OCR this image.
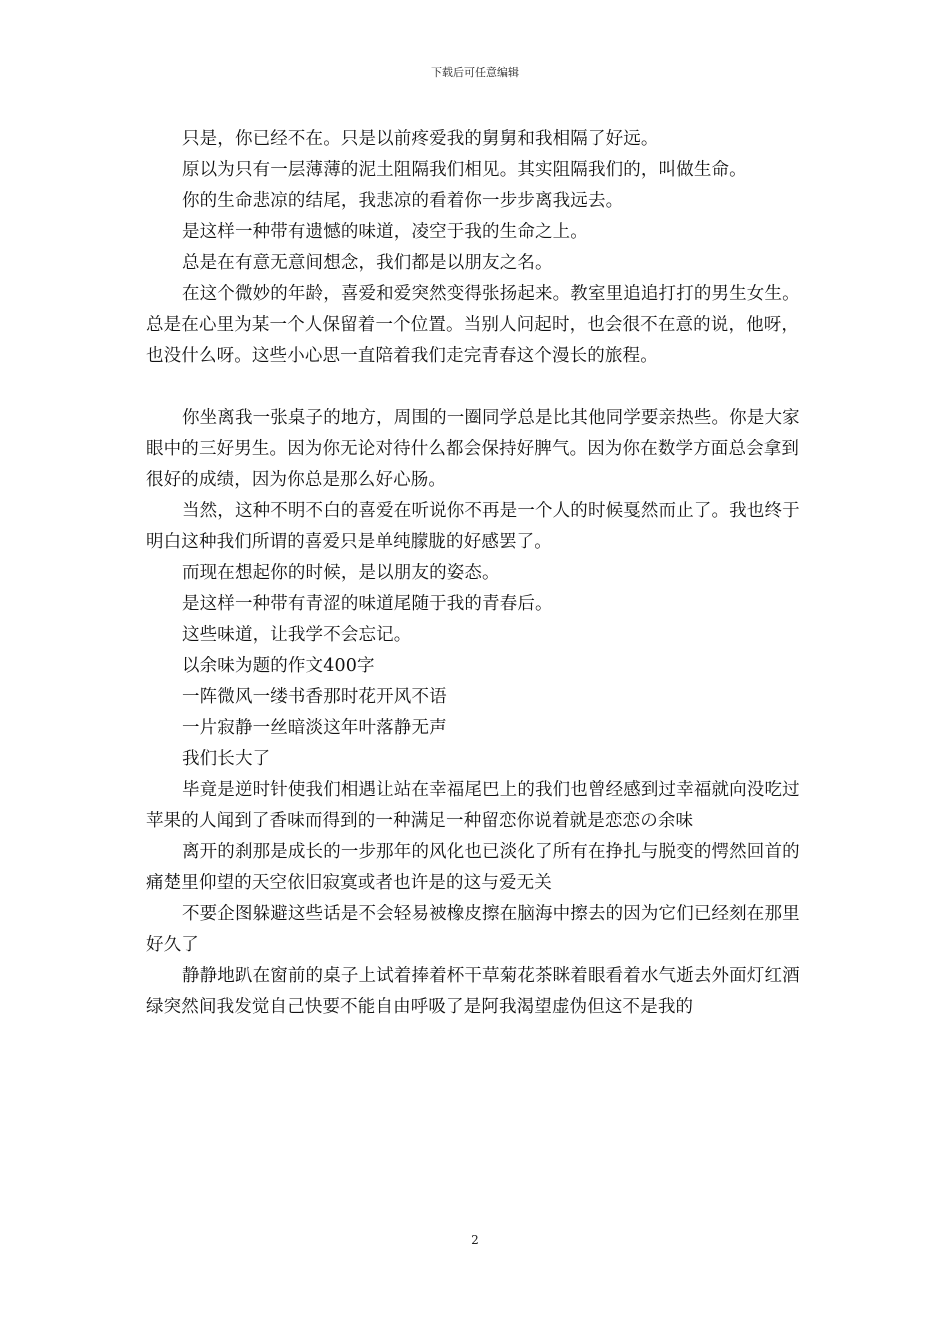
下载后可任意编辑

只是，你已经不在。只是以前疼爱我的舅舅和我相隔了好远。

原以为只有一层薄薄的泥土阻隔我们相见。其实阻隔我们的，叫做生命。

你的生命悲凉的结尾，我悲凉的看着你一步步离我远去。

是这样一种带有遗憾的味道，凌空于我的生命之上。

总是在有意无意间想念，我们都是以朋友之名。

在这个微妙的年龄，喜爱和爱突然变得张扬起来。教室里追追打打的男生女生。总是在心里为某一个人保留着一个位置。当别人问起时，也会很不在意的说，他呀，也没什么呀。这些小心思一直陪着我们走完青春这个漫长的旅程。

你坐离我一张桌子的地方，周围的一圈同学总是比其他同学要亲热些。你是大家眼中的三好男生。因为你无论对待什么都会保持好脾气。因为你在数学方面总会拿到很好的成绩，因为你总是那么好心肠。

当然，这种不明不白的喜爱在听说你不再是一个人的时候戛然而止了。我也终于明白这种我们所谓的喜爱只是单纯朦胧的好感罢了。

而现在想起你的时候，是以朋友的姿态。

是这样一种带有青涩的味道尾随于我的青春后。

这些味道，让我学不会忘记。

以余味为题的作文400字

一阵微风一缕书香那时花开风不语

一片寂静一丝暗淡这年叶落静无声

我们长大了

毕竟是逆时针使我们相遇让站在幸福尾巴上的我们也曾经感到过幸福就向没吃过苹果的人闻到了香味而得到的一种满足一种留恋你说着就是恋恋の余味

离开的刹那是成长的一步那年的风化也已淡化了所有在挣扎与脱变的愕然回首的痛楚里仰望的天空依旧寂寞或者也许是的这与爱无关

不要企图躲避这些话是不会轻易被橡皮擦在脑海中擦去的因为它们已经刻在那里好久了

静静地趴在窗前的桌子上试着捧着杯干草菊花茶眯着眼看着水气逝去外面灯红酒绿突然间我发觉自己快要不能自由呼吸了是阿我渴望虚伪但这不是我的

2
